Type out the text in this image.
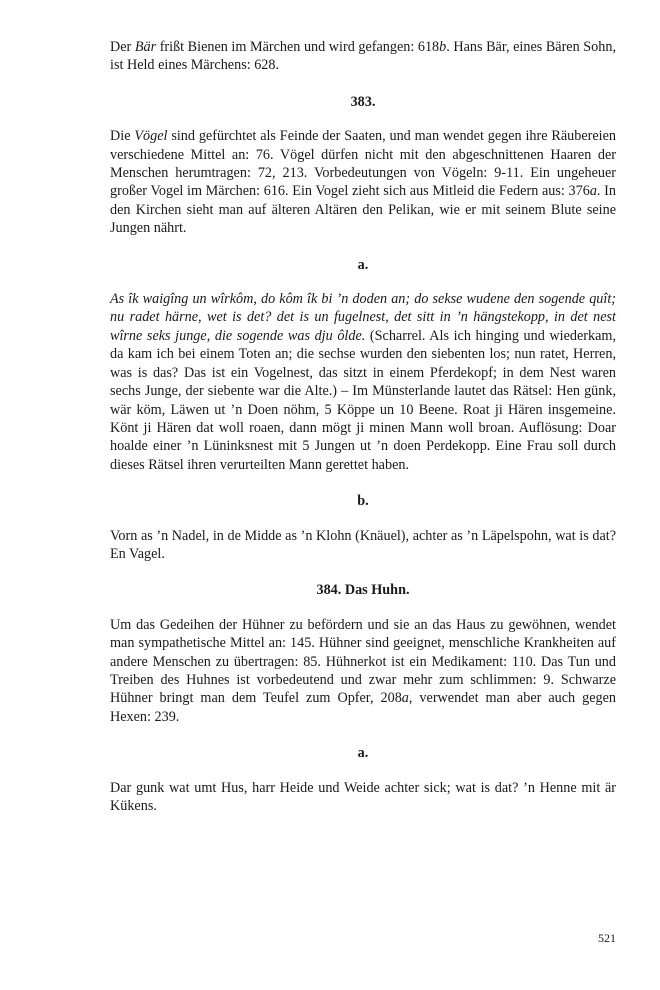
Der Bär frißt Bienen im Märchen und wird gefangen: 618b. Hans Bär, eines Bären Sohn, ist Held eines Märchens: 628.

383.

Die Vögel sind gefürchtet als Feinde der Saaten, und man wendet gegen ihre Räubereien verschiedene Mittel an: 76. Vögel dürfen nicht mit den abgeschnittenen Haaren der Menschen herumtragen: 72, 213. Vorbedeutungen von Vögeln: 9-11. Ein ungeheuer großer Vogel im Märchen: 616. Ein Vogel zieht sich aus Mitleid die Federn aus: 376a. In den Kirchen sieht man auf älteren Altären den Pelikan, wie er mit seinem Blute seine Jungen nährt.

a.

As îk waigîng un wîrkôm, do kôm îk bi ’n doden an; do sekse wudene den sogende quît; nu radet härne, wet is det? det is un fugelnest, det sitt in ’n hängstekopp, in det nest wîrne seks junge, die sogende was dju ôlde. (Scharrel. Als ich hinging und wiederkam, da kam ich bei einem Toten an; die sechse wurden den siebenten los; nun ratet, Herren, was is das? Das ist ein Vogelnest, das sitzt in einem Pferdekopf; in dem Nest waren sechs Junge, der siebente war die Alte.) – Im Münsterlande lautet das Rätsel: Hen günk, wär köm, Läwen ut ’n Doen nöhm, 5 Köppe un 10 Beene. Roat ji Hären insgemeine. Könt ji Hären dat woll roaen, dann mögt ji minen Mann woll broan. Auflösung: Doar hoalde einer ’n Lüninksnest mit 5 Jungen ut ’n doen Perdekopp. Eine Frau soll durch dieses Rätsel ihren verurteilten Mann gerettet haben.

b.

Vorn as ’n Nadel, in de Midde as ’n Klohn (Knäuel), achter as ’n Läpelspohn, wat is dat? En Vagel.

384. Das Huhn.

Um das Gedeihen der Hühner zu befördern und sie an das Haus zu gewöhnen, wendet man sympathetische Mittel an: 145. Hühner sind geeignet, menschliche Krankheiten auf andere Menschen zu übertragen: 85. Hühnerkot ist ein Medikament: 110. Das Tun und Treiben des Huhnes ist vorbedeutend und zwar mehr zum schlimmen: 9. Schwarze Hühner bringt man dem Teufel zum Opfer, 208a, verwendet man aber auch gegen Hexen: 239.

a.

Dar gunk wat umt Hus, harr Heide und Weide achter sick; wat is dat? ’n Henne mit är Kükens.

521
